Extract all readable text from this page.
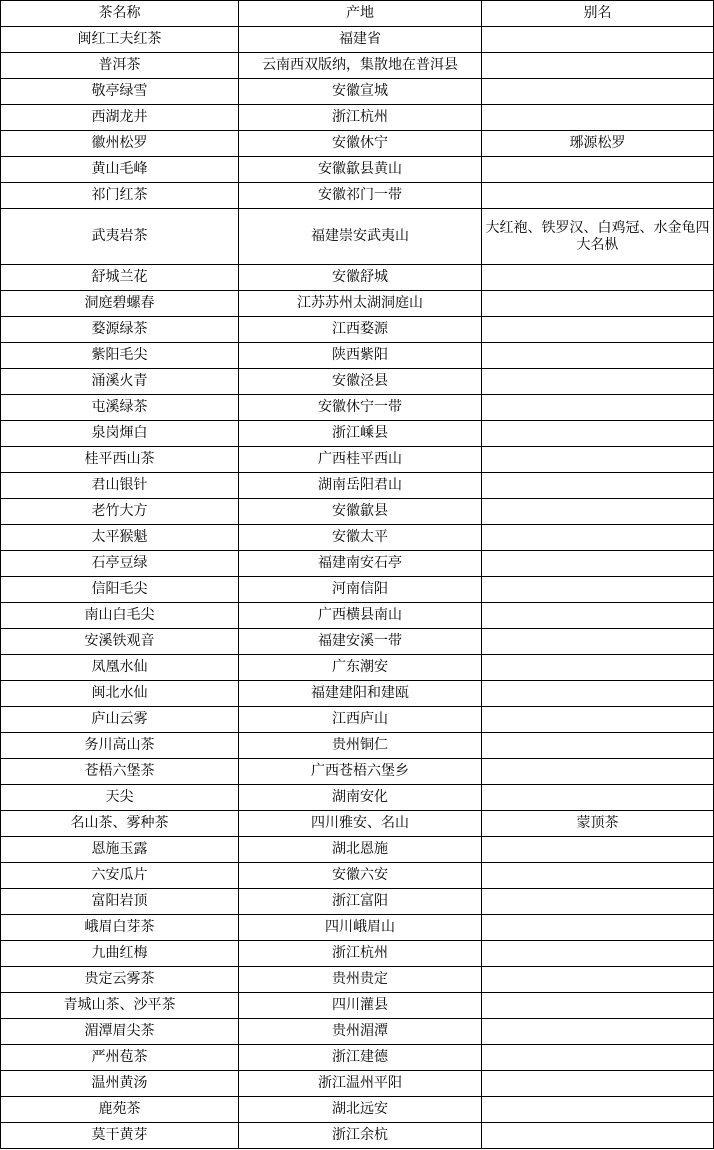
茶名称	产地	别名
闽红工夫红茶	福建省	
普洱茶	云南西双版纳，集散地在普洱县	
敬亭绿雪	安徽宣城	
西湖龙井	浙江杭州	
徽州松罗	安徽休宁	琊源松罗
黄山毛峰	安徽歙县黄山	
祁门红茶	安徽祁门一带	
武夷岩茶	福建崇安武夷山	大红袍、铁罗汉、白鸡冠、水金龟四大名枞
舒城兰花	安徽舒城	
洞庭碧螺春	江苏苏州太湖洞庭山	
婺源绿茶	江西婺源	
紫阳毛尖	陕西紫阳	
涌溪火青	安徽泾县	
屯溪绿茶	安徽休宁一带	
泉岗煇白	浙江嵊县	
桂平西山茶	广西桂平西山	
君山银针	湖南岳阳君山	
老竹大方	安徽歙县	
太平猴魁	安徽太平	
石亭豆绿	福建南安石亭	
信阳毛尖	河南信阳	
南山白毛尖	广西横县南山	
安溪铁观音	福建安溪一带	
凤凰水仙	广东潮安	
闽北水仙	福建建阳和建瓯	
庐山云雾	江西庐山	
务川高山茶	贵州铜仁	
苍梧六堡茶	广西苍梧六堡乡	
天尖	湖南安化	
名山茶、雾种茶	四川雅安、名山	蒙顶茶
恩施玉露	湖北恩施	
六安瓜片	安徽六安	
富阳岩顶	浙江富阳	
峨眉白芽茶	四川峨眉山	
九曲红梅	浙江杭州	
贵定云雾茶	贵州贵定	
青城山茶、沙平茶	四川灌县	
湄潭眉尖茶	贵州湄潭	
严州苞茶	浙江建德	
温州黄汤	浙江温州平阳	
鹿苑茶	湖北远安	
莫干黄芽	浙江余杭	
